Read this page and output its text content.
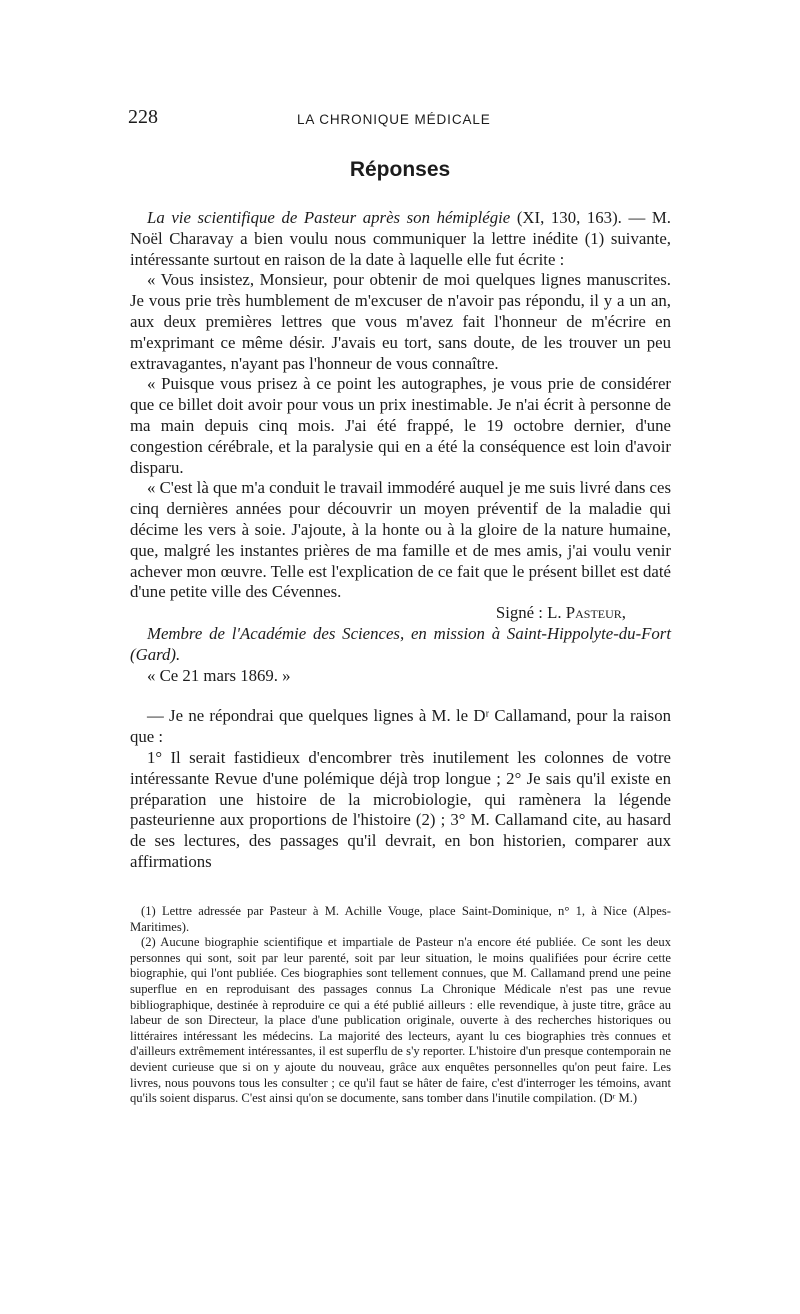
228	LA CHRONIQUE MÉDICALE
Réponses

La vie scientifique de Pasteur après son hémiplégie (XI, 130, 163). — M. Noël Charavay a bien voulu nous communiquer la lettre inédite (1) suivante, intéressante surtout en raison de la date à laquelle elle fut écrite :

« Vous insistez, Monsieur, pour obtenir de moi quelques lignes manuscrites. Je vous prie très humblement de m'excuser de n'avoir pas répondu, il y a un an, aux deux premières lettres que vous m'avez fait l'honneur de m'écrire en m'exprimant ce même désir. J'avais eu tort, sans doute, de les trouver un peu extravagantes, n'ayant pas l'honneur de vous connaître.

« Puisque vous prisez à ce point les autographes, je vous prie de considérer que ce billet doit avoir pour vous un prix inestimable. Je n'ai écrit à personne de ma main depuis cinq mois. J'ai été frappé, le 19 octobre dernier, d'une congestion cérébrale, et la paralysie qui en a été la conséquence est loin d'avoir disparu.

« C'est là que m'a conduit le travail immodéré auquel je me suis livré dans ces cinq dernières années pour découvrir un moyen préventif de la maladie qui décime les vers à soie. J'ajoute, à la honte ou à la gloire de la nature humaine, que, malgré les instantes prières de ma famille et de mes amis, j'ai voulu venir achever mon œuvre. Telle est l'explication de ce fait que le présent billet est daté d'une petite ville des Cévennes.

Signé : L. Pasteur,

Membre de l'Académie des Sciences, en mission à Saint-Hippolyte-du-Fort (Gard).

« Ce 21 mars 1869. »

— Je ne répondrai que quelques lignes à M. le Dʳ Callamand, pour la raison que :

1° Il serait fastidieux d'encombrer très inutilement les colonnes de votre intéressante Revue d'une polémique déjà trop longue ; 2° Je sais qu'il existe en préparation une histoire de la microbiologie, qui ramènera la légende pasteurienne aux proportions de l'histoire (2) ; 3° M. Callamand cite, au hasard de ses lectures, des passages qu'il devrait, en bon historien, comparer aux affirmations

(1) Lettre adressée par Pasteur à M. Achille Vouge, place Saint-Dominique, n° 1, à Nice (Alpes-Maritimes).

(2) Aucune biographie scientifique et impartiale de Pasteur n'a encore été publiée. Ce sont les deux personnes qui sont, soit par leur parenté, soit par leur situation, le moins qualifiées pour écrire cette biographie, qui l'ont publiée. Ces biographies sont tellement connues, que M. Callamand prend une peine superflue en en reproduisant des passages connus La Chronique Médicale n'est pas une revue bibliographique, destinée à reproduire ce qui a été publié ailleurs : elle revendique, à juste titre, grâce au labeur de son Directeur, la place d'une publication originale, ouverte à des recherches historiques ou littéraires intéressant les médecins. La majorité des lecteurs, ayant lu ces biographies très connues et d'ailleurs extrêmement intéressantes, il est superflu de s'y reporter. L'histoire d'un presque contemporain ne devient curieuse que si on y ajoute du nouveau, grâce aux enquêtes personnelles qu'on peut faire. Les livres, nous pouvons tous les consulter ; ce qu'il faut se hâter de faire, c'est d'interroger les témoins, avant qu'ils soient disparus. C'est ainsi qu'on se documente, sans tomber dans l'inutile compilation. (Dʳ M.)
